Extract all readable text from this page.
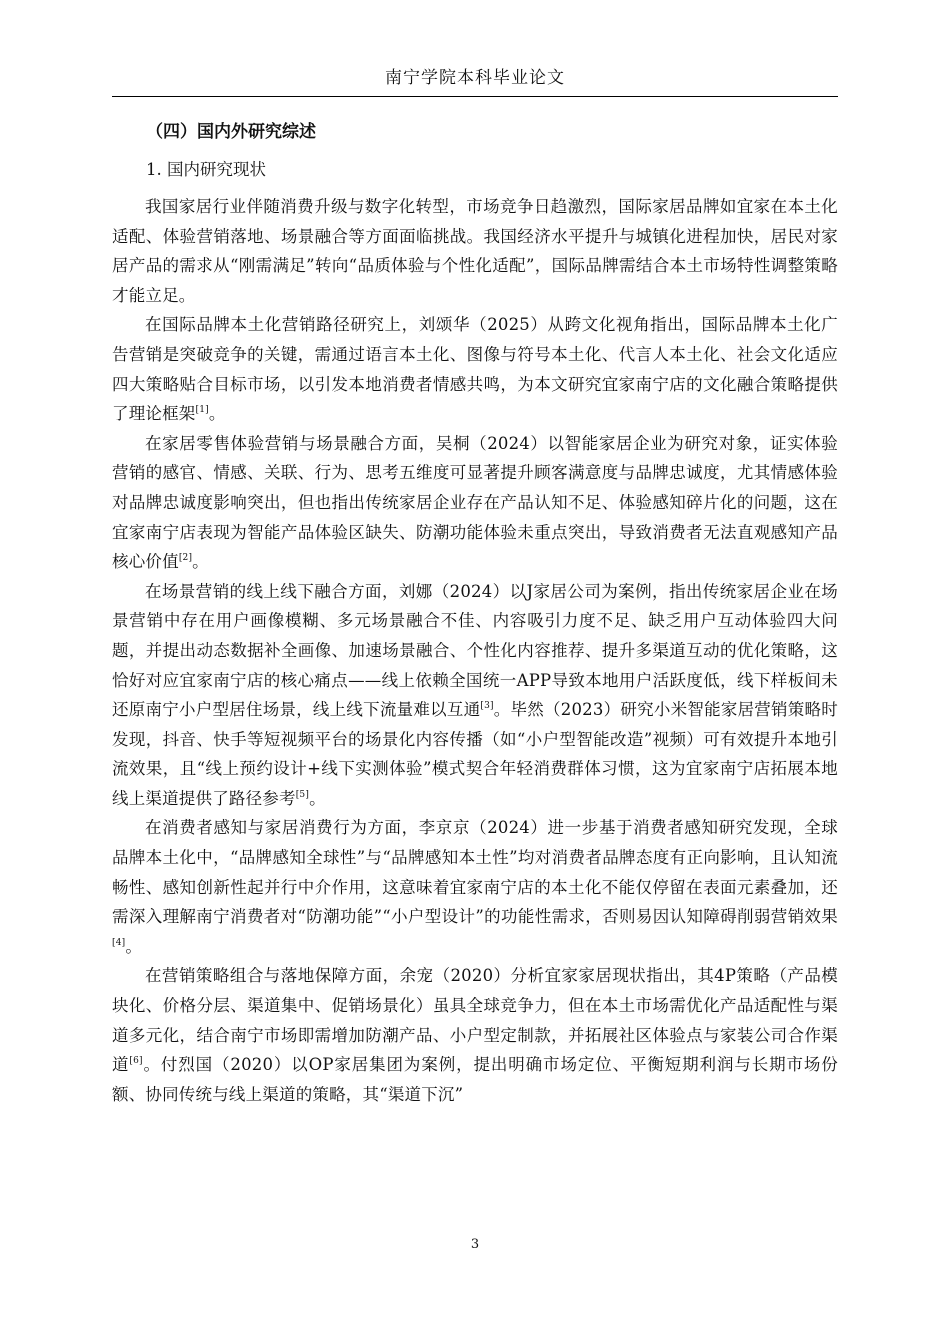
南宁学院本科毕业论文
（四）国内外研究综述
1. 国内研究现状

我国家居行业伴随消费升级与数字化转型，市场竞争日趋激烈，国际家居品牌如宜家在本土化适配、体验营销落地、场景融合等方面面临挑战。我国经济水平提升与城镇化进程加快，居民对家居产品的需求从“刚需满足”转向“品质体验与个性化适配”，国际品牌需结合本土市场特性调整策略才能立足。

在国际品牌本土化营销路径研究上，刘颂华（2025）从跨文化视角指出，国际品牌本土化广告营销是突破竞争的关键，需通过语言本土化、图像与符号本土化、代言人本土化、社会文化适应四大策略贴合目标市场，以引发本地消费者情感共鸣，为本文研究宜家南宁店的文化融合策略提供了理论框架[1]。

在家居零售体验营销与场景融合方面，吴桐（2024）以智能家居企业为研究对象，证实体验营销的感官、情感、关联、行为、思考五维度可显著提升顾客满意度与品牌忠诚度，尤其情感体验对品牌忠诚度影响突出，但也指出传统家居企业存在产品认知不足、体验感知碎片化的问题，这在宜家南宁店表现为智能产品体验区缺失、防潮功能体验未重点突出，导致消费者无法直观感知产品核心价值[2]。

在场景营销的线上线下融合方面，刘娜（2024）以J家居公司为案例，指出传统家居企业在场景营销中存在用户画像模糊、多元场景融合不佳、内容吸引力度不足、缺乏用户互动体验四大问题，并提出动态数据补全画像、加速场景融合、个性化内容推荐、提升多渠道互动的优化策略，这恰好对应宜家南宁店的核心痛点——线上依赖全国统一APP导致本地用户活跃度低，线下样板间未还原南宁小户型居住场景，线上线下流量难以互通[3]。毕然（2023）研究小米智能家居营销策略时发现，抖音、快手等短视频平台的场景化内容传播（如“小户型智能改造”视频）可有效提升本地引流效果，且“线上预约设计+线下实测体验”模式契合年轻消费群体习惯，这为宜家南宁店拓展本地线上渠道提供了路径参考[5]。

在消费者感知与家居消费行为方面，李京京（2024）进一步基于消费者感知研究发现，全球品牌本土化中，“品牌感知全球性”与“品牌感知本土性”均对消费者品牌态度有正向影响，且认知流畅性、感知创新性起并行中介作用，这意味着宜家南宁店的本土化不能仅停留在表面元素叠加，还需深入理解南宁消费者对“防潮功能”“小户型设计”的功能性需求，否则易因认知障碍削弱营销效果[4]。

在营销策略组合与落地保障方面，余宠（2020）分析宜家家居现状指出，其4P策略（产品模块化、价格分层、渠道集中、促销场景化）虽具全球竞争力，但在本土市场需优化产品适配性与渠道多元化，结合南宁市场即需增加防潮产品、小户型定制款，并拓展社区体验点与家装公司合作渠道[6]。付烈国（2020）以OP家居集团为案例，提出明确市场定位、平衡短期利润与长期市场份额、协同传统与线上渠道的策略，其“渠道下沉”

3
